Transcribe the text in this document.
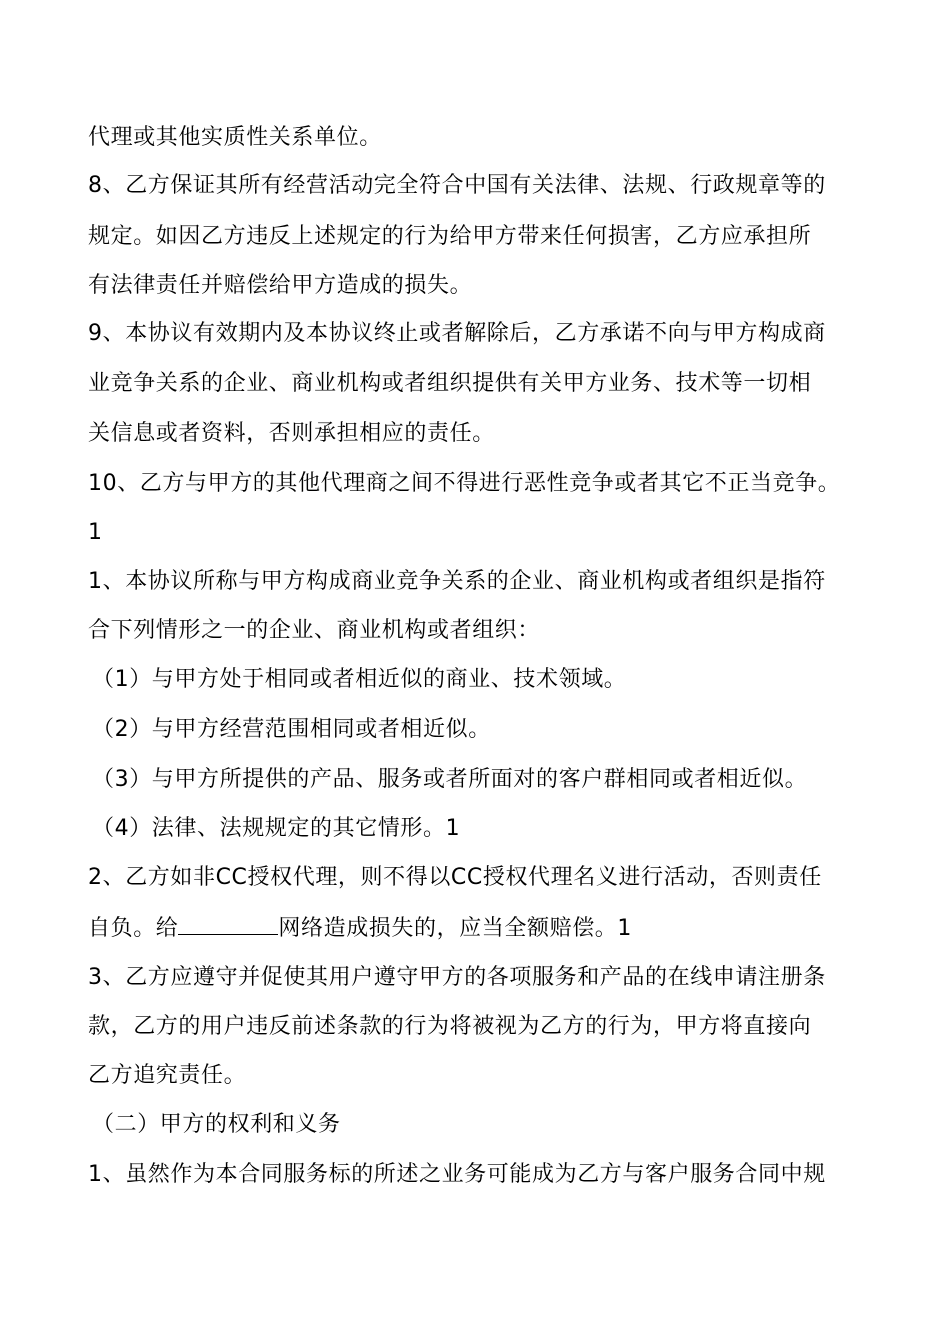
代理或其他实质性关系单位。
8、乙方保证其所有经营活动完全符合中国有关法律、法规、行政规章等的
规定。如因乙方违反上述规定的行为给甲方带来任何损害，乙方应承担所
有法律责任并赔偿给甲方造成的损失。
9、本协议有效期内及本协议终止或者解除后，乙方承诺不向与甲方构成商
业竞争关系的企业、商业机构或者组织提供有关甲方业务、技术等一切相
关信息或者资料，否则承担相应的责任。
10、乙方与甲方的其他代理商之间不得进行恶性竞争或者其它不正当竞争。
1
1、本协议所称与甲方构成商业竞争关系的企业、商业机构或者组织是指符
合下列情形之一的企业、商业机构或者组织：
（1）与甲方处于相同或者相近似的商业、技术领域。
（2）与甲方经营范围相同或者相近似。
（3）与甲方所提供的产品、服务或者所面对的客户群相同或者相近似。
（4）法律、法规规定的其它情形。1
2、乙方如非CC授权代理，则不得以CC授权代理名义进行活动，否则责任
自负。给	网络造成损失的，应当全额赔偿。1
3、乙方应遵守并促使其用户遵守甲方的各项服务和产品的在线申请注册条
款，乙方的用户违反前述条款的行为将被视为乙方的行为，甲方将直接向
乙方追究责任。
（二）甲方的权利和义务
1、虽然作为本合同服务标的所述之业务可能成为乙方与客户服务合同中规
